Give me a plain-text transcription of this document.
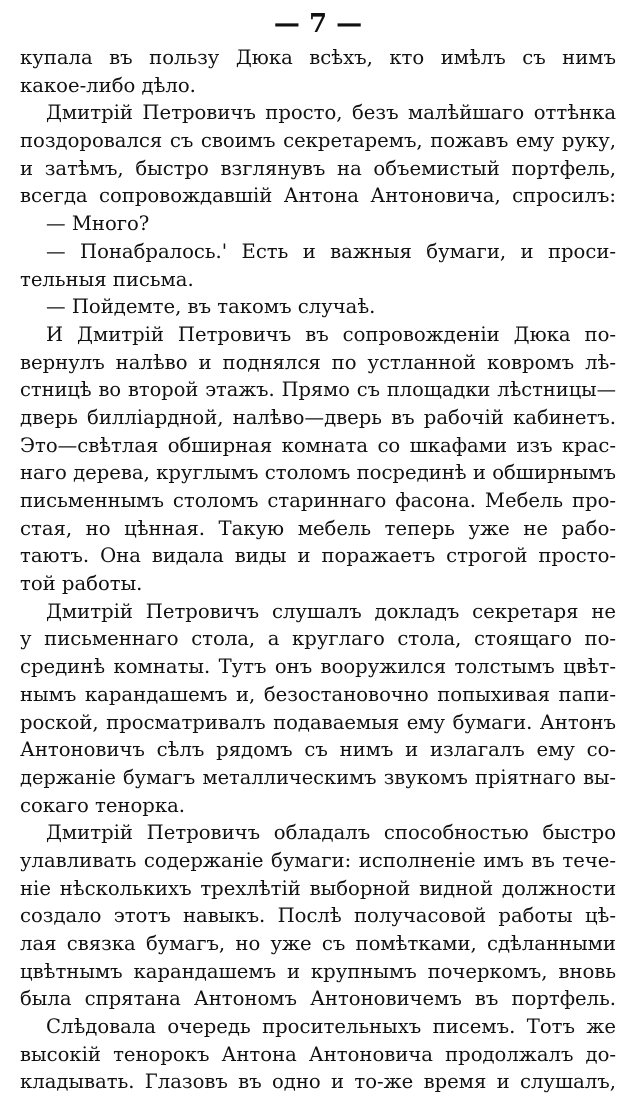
— 7 —
купала въ пользу Дюка всѣхъ, кто имѣлъ съ нимъ
какое-либо дѣло.
Дмитрій Петровичъ просто, безъ малѣйшаго оттѣнка
поздоровался съ своимъ секретаремъ, пожавъ ему руку,
и затѣмъ, быстро взглянувъ на объемистый портфель,
всегда сопровождавшій Антона Антоновича, спросилъ:
— Много?
— Понабралось.' Есть и важныя бумаги, и проси-
тельныя письма.
— Пойдемте, въ такомъ случаѣ.
И Дмитрій Петровичъ въ сопровожденіи Дюка по-
вернулъ налѣво и поднялся по устланной ковромъ лѣ-
стницѣ во второй этажъ. Прямо съ площадки лѣстницы—
дверь билліардной, налѣво—дверь въ рабочій кабинетъ.
Это—свѣтлая обширная комната со шкафами изъ крас-
наго дерева, круглымъ столомъ посрединѣ и обширнымъ
письменнымъ столомъ стариннаго фасона. Мебель про-
стая, но цѣнная. Такую мебель теперь уже не рабо-
таютъ. Она видала виды и поражаетъ строгой просто-
той работы.
Дмитрій Петровичъ слушалъ докладъ секретаря не
у письменнаго стола, а круглаго стола, стоящаго по-
срединѣ комнаты. Тутъ онъ вооружился толстымъ цвѣт-
нымъ карандашемъ и, безостановочно попыхивая папи-
роской, просматривалъ подаваемыя ему бумаги. Антонъ
Антоновичъ сѣлъ рядомъ съ нимъ и излагалъ ему со-
держаніе бумагъ металлическимъ звукомъ пріятнаго вы-
сокаго тенорка.
Дмитрій Петровичъ обладалъ способностью быстро
улавливать содержаніе бумаги: исполненіе имъ въ тече-
ніе нѣсколькихъ трехлѣтій выборной видной должности
создало этотъ навыкъ. Послѣ получасовой работы цѣ-
лая связка бумагъ, но уже съ помѣтками, сдѣланными
цвѣтнымъ карандашемъ и крупнымъ почеркомъ, вновь
была спрятана Антономъ Антоновичемъ въ портфель.
Слѣдовала очередь просительныхъ писемъ. Тотъ же
высокій тенорокъ Антона Антоновича продолжалъ до-
кладывать. Глазовъ въ одно и то-же время и слушалъ,
